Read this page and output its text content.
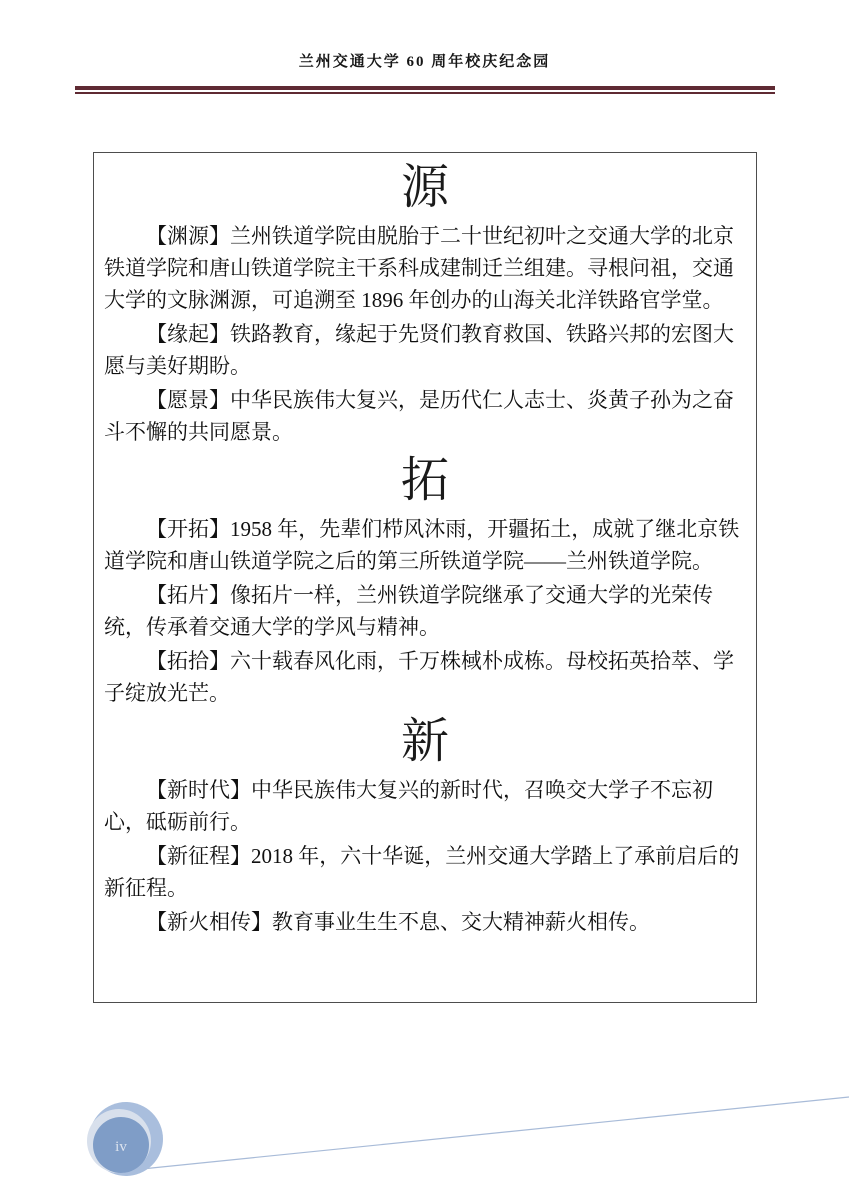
兰州交通大学 60 周年校庆纪念园
源

【渊源】兰州铁道学院由脱胎于二十世纪初叶之交通大学的北京铁道学院和唐山铁道学院主干系科成建制迁兰组建。寻根问祖，交通大学的文脉渊源，可追溯至 1896 年创办的山海关北洋铁路官学堂。

【缘起】铁路教育，缘起于先贤们教育救国、铁路兴邦的宏图大愿与美好期盼。

【愿景】中华民族伟大复兴，是历代仁人志士、炎黄子孙为之奋斗不懈的共同愿景。

拓

【开拓】1958 年，先辈们栉风沐雨，开疆拓土，成就了继北京铁道学院和唐山铁道学院之后的第三所铁道学院——兰州铁道学院。

【拓片】像拓片一样，兰州铁道学院继承了交通大学的光荣传统，传承着交通大学的学风与精神。

【拓拾】六十载春风化雨，千万株棫朴成栋。母校拓英拾萃、学子绽放光芒。

新

【新时代】中华民族伟大复兴的新时代，召唤交大学子不忘初心，砥砺前行。

【新征程】2018 年，六十华诞，兰州交通大学踏上了承前启后的新征程。

【新火相传】教育事业生生不息、交大精神薪火相传。

iv
